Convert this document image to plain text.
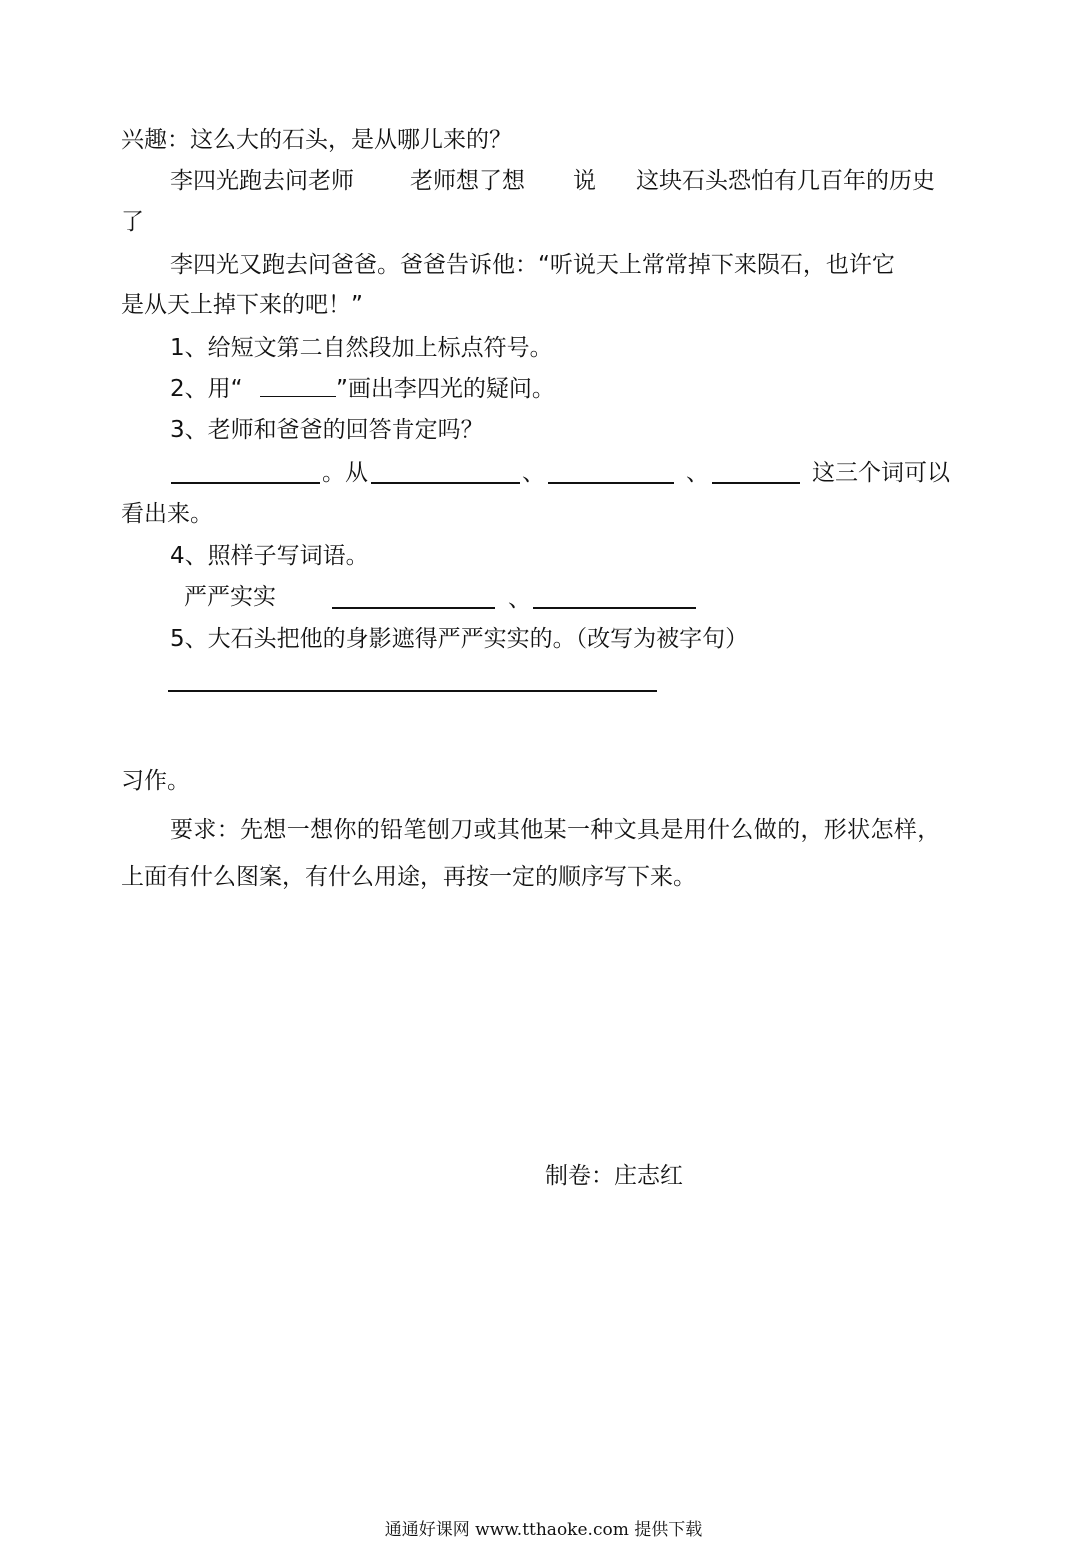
兴趣：这么大的石头，是从哪儿来的？
李四光跑去问老师 老师想了想 说 这块石头恐怕有几百年的历史
了
李四光又跑去问爸爸。爸爸告诉他：“听说天上常常掉下来陨石，也许它
是从天上掉下来的吧！”
1、给短文第二自然段加上标点符号。
2、用“	”画出李四光的疑问。
3、老师和爸爸的回答肯定吗？
。从	、	、	这三个词可以
看出来。
4、照样子写词语。
严严实实	、
5、大石头把他的身影遮得严严实实的。（改写为被字句）
习作。
要求：先想一想你的铅笔刨刀或其他某一种文具是用什么做的，形状怎样，
上面有什么图案，有什么用途，再按一定的顺序写下来。
制卷：庄志红
通通好课网 www.tthaoke.com 提供下载
